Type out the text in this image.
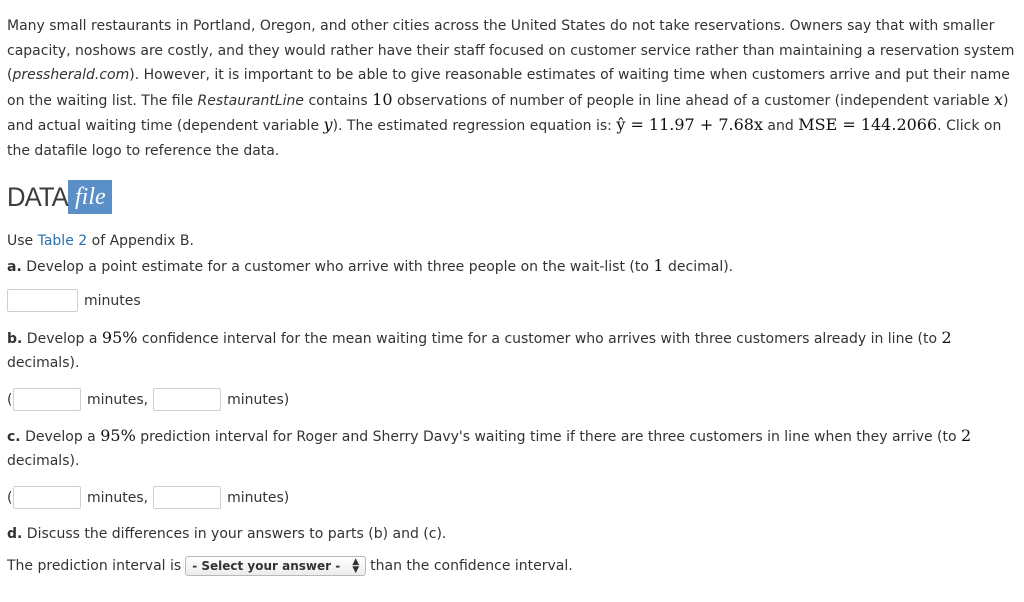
Many small restaurants in Portland, Oregon, and other cities across the United States do not take reservations. Owners say that with smaller capacity, noshows are costly, and they would rather have their staff focused on customer service rather than maintaining a reservation system (pressherald.com). However, it is important to be able to give reasonable estimates of waiting time when customers arrive and put their name on the waiting list. The file RestaurantLine contains 10 observations of number of people in line ahead of a customer (independent variable x) and actual waiting time (dependent variable y). The estimated regression equation is: ŷ = 11.97 + 7.68x and MSE = 144.2066. Click on the datafile logo to reference the data.

DATA file

Use Table 2 of Appendix B.

a. Develop a point estimate for a customer who arrive with three people on the wait-list (to 1 decimal).

minutes

b. Develop a 95% confidence interval for the mean waiting time for a customer who arrives with three customers already in line (to 2 decimals).

(	minutes,	minutes)

c. Develop a 95% prediction interval for Roger and Sherry Davy's waiting time if there are three customers in line when they arrive (to 2 decimals).

(	minutes,	minutes)

d. Discuss the differences in your answers to parts (b) and (c).

The prediction interval is - Select your answer - ▲
▼ than the confidence interval.
